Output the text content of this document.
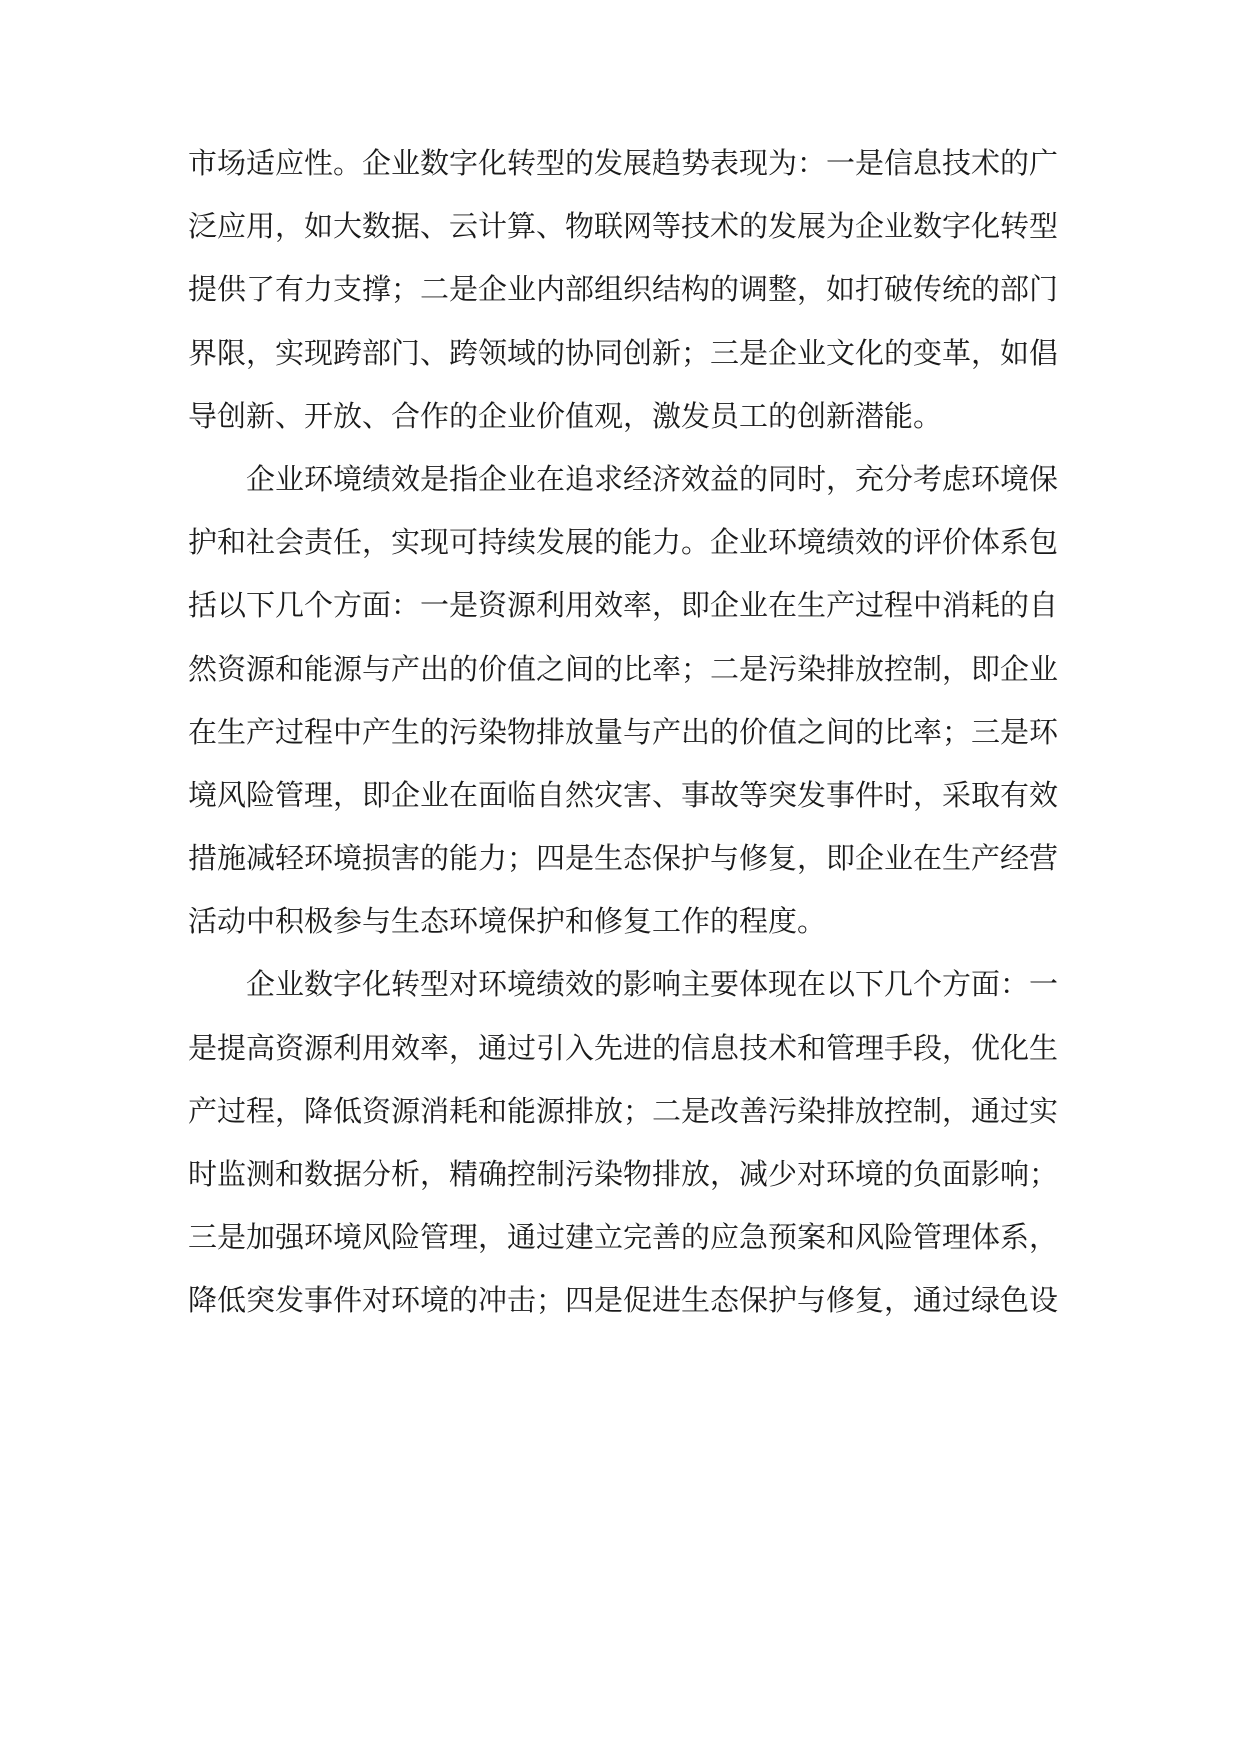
市场适应性。企业数字化转型的发展趋势表现为：一是信息技术的广
泛应用，如大数据、云计算、物联网等技术的发展为企业数字化转型
提供了有力支撑；二是企业内部组织结构的调整，如打破传统的部门
界限，实现跨部门、跨领域的协同创新；三是企业文化的变革，如倡
导创新、开放、合作的企业价值观，激发员工的创新潜能。
企业环境绩效是指企业在追求经济效益的同时，充分考虑环境保
护和社会责任，实现可持续发展的能力。企业环境绩效的评价体系包
括以下几个方面：一是资源利用效率，即企业在生产过程中消耗的自
然资源和能源与产出的价值之间的比率；二是污染排放控制，即企业
在生产过程中产生的污染物排放量与产出的价值之间的比率；三是环
境风险管理，即企业在面临自然灾害、事故等突发事件时，采取有效
措施减轻环境损害的能力；四是生态保护与修复，即企业在生产经营
活动中积极参与生态环境保护和修复工作的程度。
企业数字化转型对环境绩效的影响主要体现在以下几个方面：一
是提高资源利用效率，通过引入先进的信息技术和管理手段，优化生
产过程，降低资源消耗和能源排放；二是改善污染排放控制，通过实
时监测和数据分析，精确控制污染物排放，减少对环境的负面影响；
三是加强环境风险管理，通过建立完善的应急预案和风险管理体系，
降低突发事件对环境的冲击；四是促进生态保护与修复，通过绿色设
